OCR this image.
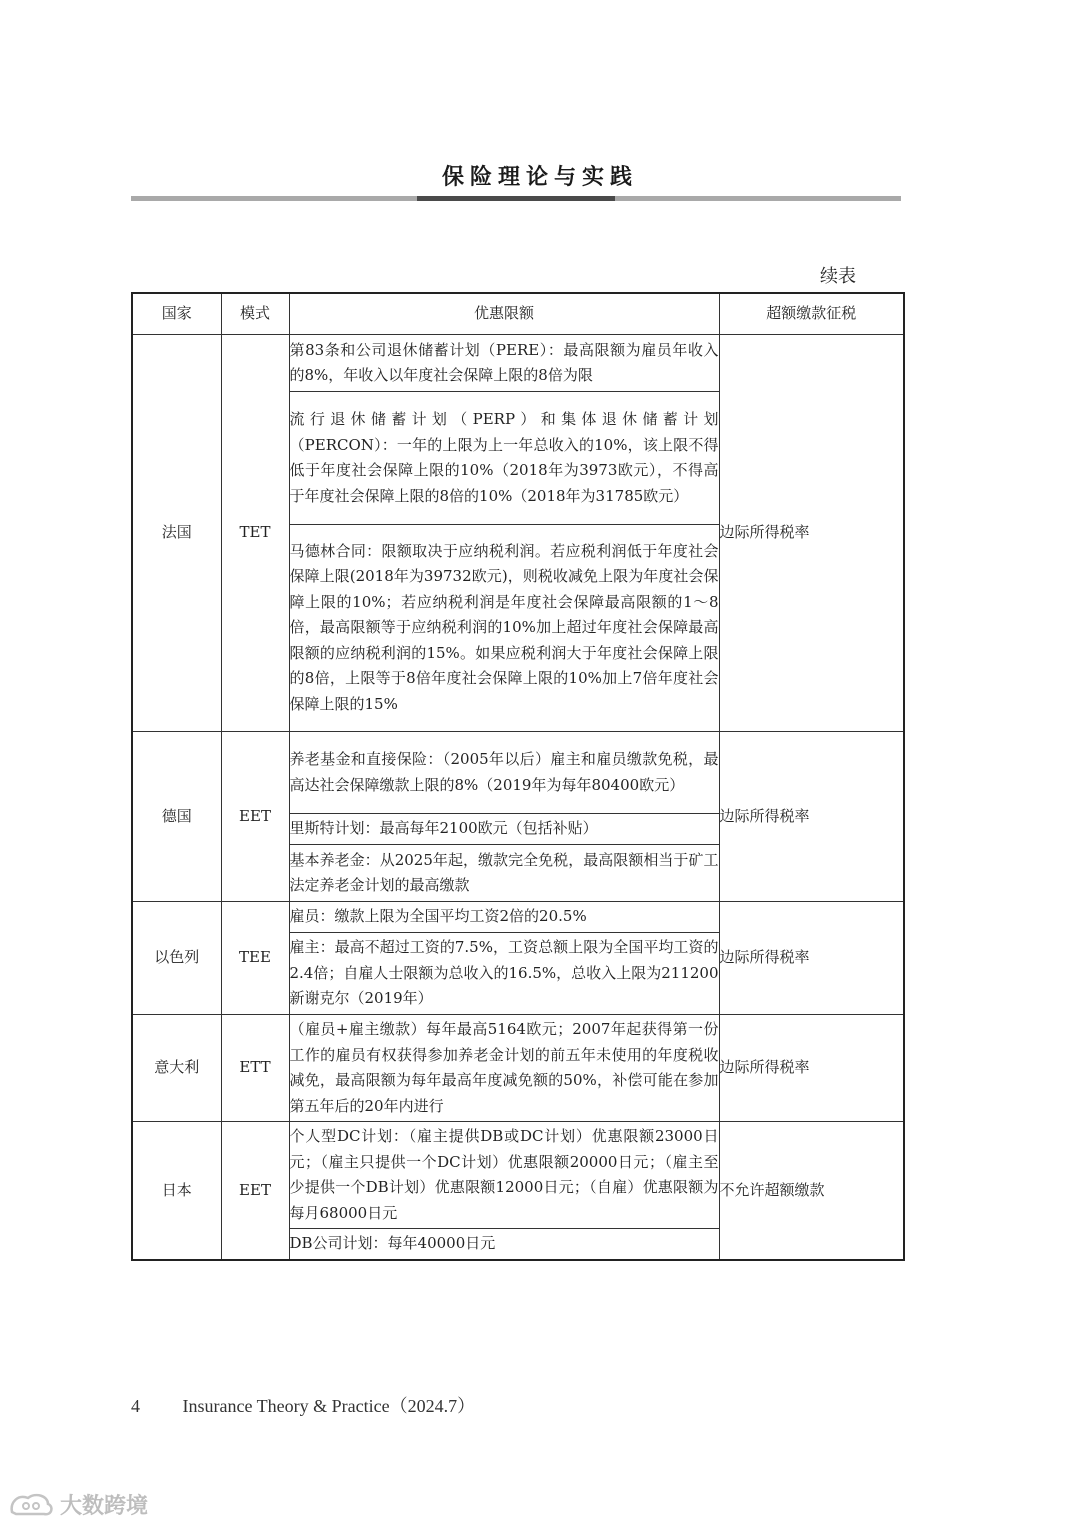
保险理论与实践
续表
国家	模式	优惠限额	超额缴款征税
法国	TET	第83条和公司退休储蓄计划（PERE）：最高限额为雇员年收入的8%，年收入以年度社会保障上限的8倍为限	边际所得税率
		流行退休储蓄计划（PERP）和集体退休储蓄计划（PERCON）：一年的上限为上一年总收入的10%，该上限不得低于年度社会保障上限的10%（2018年为3973欧元），不得高于年度社会保障上限的8倍的10%（2018年为31785欧元）	
		马德林合同：限额取决于应纳税利润。若应税利润低于年度社会保障上限(2018年为39732欧元)，则税收减免上限为年度社会保障上限的10%；若应纳税利润是年度社会保障最高限额的1～8倍，最高限额等于应纳税利润的10%加上超过年度社会保障最高限额的应纳税利润的15%。如果应税利润大于年度社会保障上限的8倍，上限等于8倍年度社会保障上限的10%加上7倍年度社会保障上限的15%	
德国	EET	养老基金和直接保险：（2005年以后）雇主和雇员缴款免税，最高达社会保障缴款上限的8%（2019年为每年80400欧元）	边际所得税率
		里斯特计划：最高每年2100欧元（包括补贴）	
		基本养老金：从2025年起，缴款完全免税，最高限额相当于矿工法定养老金计划的最高缴款	
以色列	TEE	雇员：缴款上限为全国平均工资2倍的20.5%	边际所得税率
		雇主：最高不超过工资的7.5%，工资总额上限为全国平均工资的2.4倍；自雇人士限额为总收入的16.5%，总收入上限为211200新谢克尔（2019年）	
意大利	ETT	（雇员+雇主缴款）每年最高5164欧元；2007年起获得第一份工作的雇员有权获得参加养老金计划的前五年未使用的年度税收减免，最高限额为每年最高年度减免额的50%，补偿可能在参加第五年后的20年内进行	边际所得税率
日本	EET	个人型DC计划：（雇主提供DB或DC计划）优惠限额23000日元；（雇主只提供一个DC计划）优惠限额20000日元；（雇主至少提供一个DB计划）优惠限额12000日元；（自雇）优惠限额为每月68000日元	不允许超额缴款
		DB公司计划：每年40000日元	
4 Insurance Theory & Practice（2024.7）
大数跨境
